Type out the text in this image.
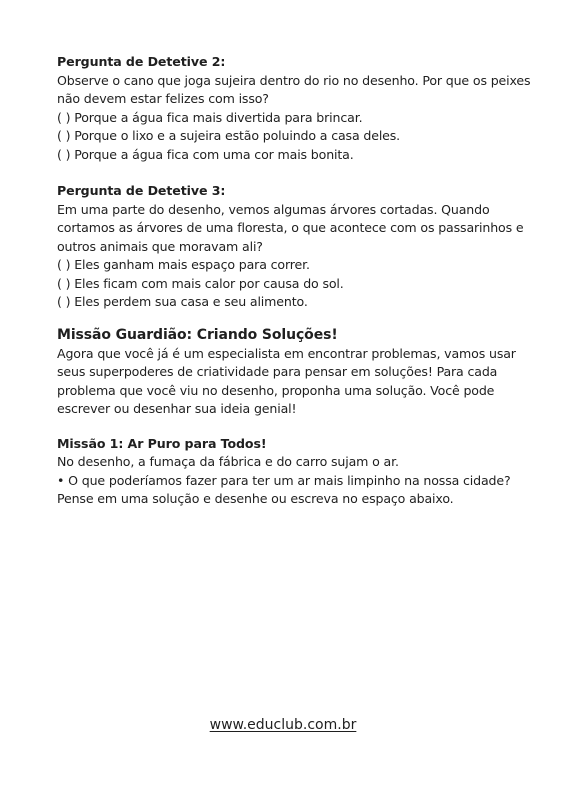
Pergunta de Detetive 2:

Observe o cano que joga sujeira dentro do rio no desenho. Por que os peixes não devem estar felizes com isso?

( ) Porque a água fica mais divertida para brincar.

( ) Porque o lixo e a sujeira estão poluindo a casa deles.

( ) Porque a água fica com uma cor mais bonita.

Pergunta de Detetive 3:

Em uma parte do desenho, vemos algumas árvores cortadas. Quando cortamos as árvores de uma floresta, o que acontece com os passarinhos e outros animais que moravam ali?

( ) Eles ganham mais espaço para correr.

( ) Eles ficam com mais calor por causa do sol.

( ) Eles perdem sua casa e seu alimento.

Missão Guardião: Criando Soluções!

Agora que você já é um especialista em encontrar problemas, vamos usar seus superpoderes de criatividade para pensar em soluções! Para cada problema que você viu no desenho, proponha uma solução. Você pode escrever ou desenhar sua ideia genial!

Missão 1: Ar Puro para Todos!

No desenho, a fumaça da fábrica e do carro sujam o ar.

• O que poderíamos fazer para ter um ar mais limpinho na nossa cidade? Pense em uma solução e desenhe ou escreva no espaço abaixo.

www.educlub.com.br
